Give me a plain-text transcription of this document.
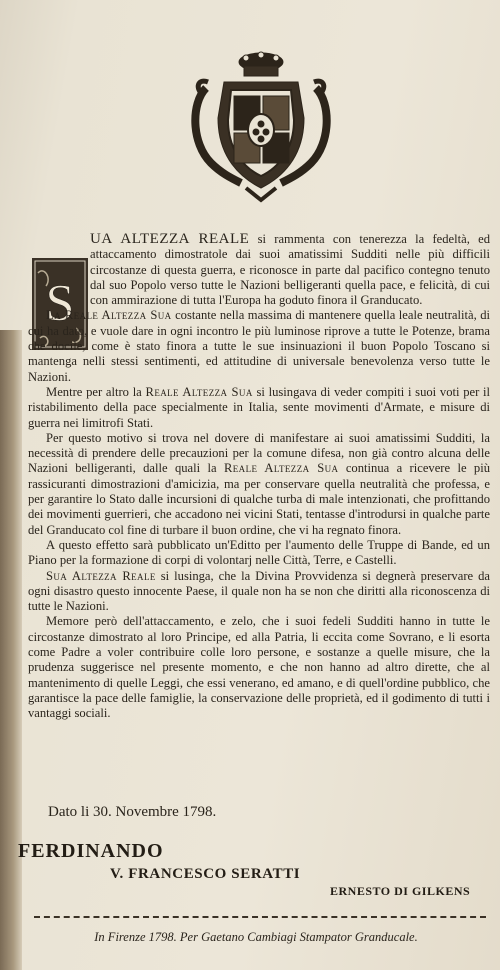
S

UA ALTEZZA REALE si rammenta con tenerezza la fedeltà, ed attaccamento dimostratole dai suoi amatissimi Sudditi nelle più difficili circostanze di questa guerra, e riconosce in parte dal pacifico contegno tenuto dal suo Popolo verso tutte le Nazioni belligeranti quella pace, e felicità, di cui con ammirazione di tutta l'Europa ha goduto finora il Granducato.

La Reale Altezza Sua costante nella massima di mantenere quella leale neutralità, di cui ha dato, e vuole dare in ogni incontro le più luminose riprove a tutte le Potenze, brama che docile, come è stato finora a tutte le sue insinuazioni il buon Popolo Toscano si mantenga nelli stessi sentimenti, ed attitudine di universale benevolenza verso tutte le Nazioni.

Mentre per altro la Reale Altezza Sua si lusingava di veder compiti i suoi voti per il ristabilimento della pace specialmente in Italia, sente movimenti d'Armate, e misure di guerra nei limitrofi Stati.

Per questo motivo si trova nel dovere di manifestare ai suoi amatissimi Sudditi, la necessità di prendere delle precauzioni per la comune difesa, non già contro alcuna delle Nazioni belligeranti, dalle quali la Reale Altezza Sua continua a ricevere le più rassicuranti dimostrazioni d'amicizia, ma per conservare quella neutralità che professa, e per garantire lo Stato dalle incursioni di qualche turba di male intenzionati, che profittando dei movimenti guerrieri, che accadono nei vicini Stati, tentasse d'introdursi in qualche parte del Granducato col fine di turbare il buon ordine, che vi ha regnato finora.

A questo effetto sarà pubblicato un'Editto per l'aumento delle Truppe di Bande, ed un Piano per la formazione di corpi di volontarj nelle Città, Terre, e Castelli.

Sua Altezza Reale si lusinga, che la Divina Provvidenza si degnerà preservare da ogni disastro questo innocente Paese, il quale non ha se non che diritti alla riconoscenza di tutte le Nazioni.

Memore però dell'attaccamento, e zelo, che i suoi fedeli Sudditi hanno in tutte le circostanze dimostrato al loro Principe, ed alla Patria, li eccita come Sovrano, e li esorta come Padre a voler contribuire colle loro persone, e sostanze a quelle misure, che la prudenza suggerisce nel presente momento, e che non hanno ad altro dirette, che al mantenimento di quelle Leggi, che essi venerano, ed amano, e di quell'ordine pubblico, che garantisce la pace delle famiglie, la conservazione delle proprietà, ed il godimento di tutti i vantaggi sociali.

Dato li 30. Novembre 1798.
FERDINANDO
V. FRANCESCO SERATTI
ERNESTO DI GILKENS
In Firenze 1798. Per Gaetano Cambiagi Stampator Granducale.
